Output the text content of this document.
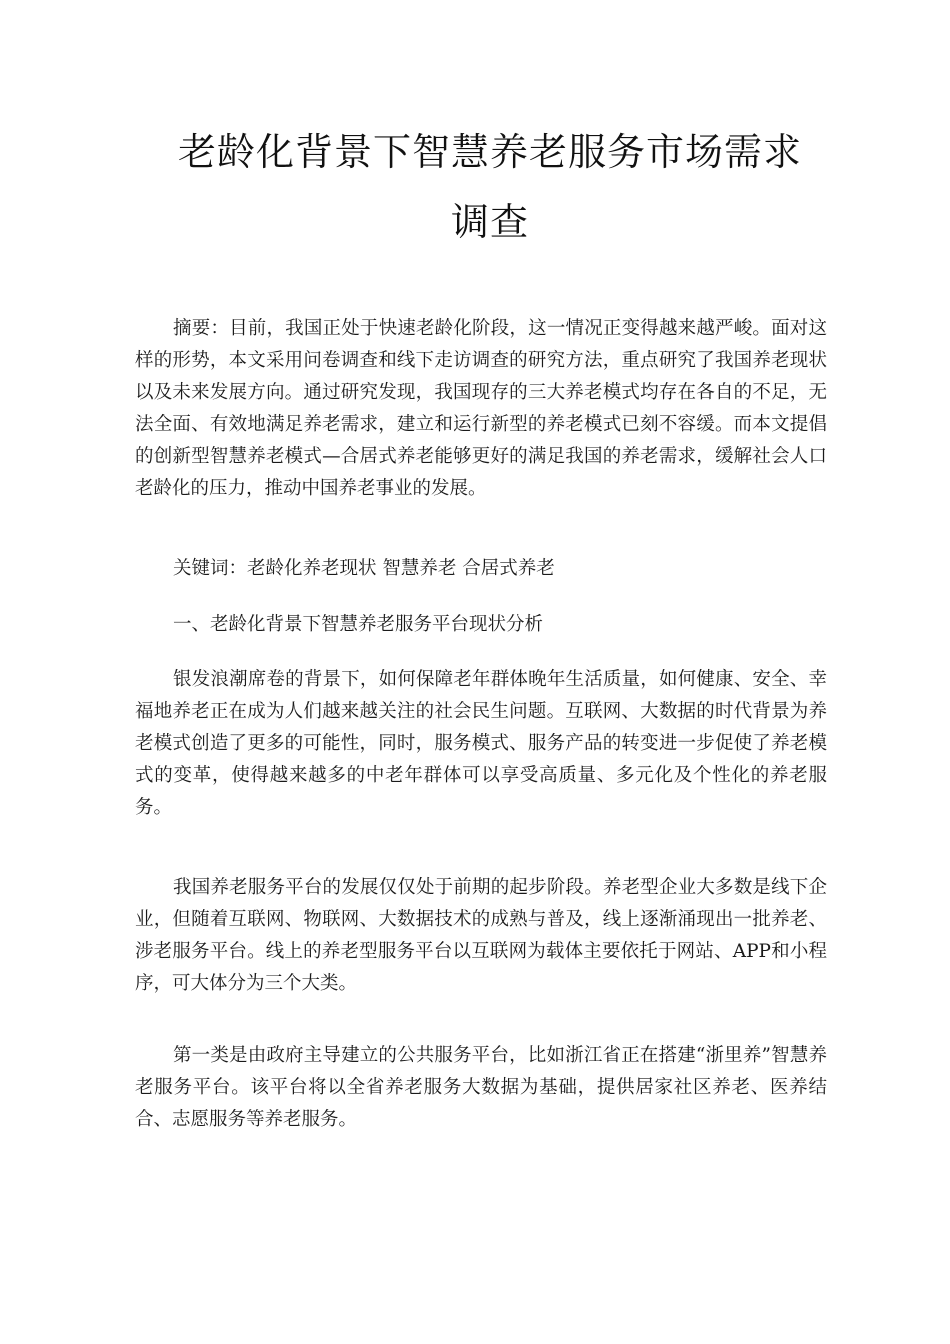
老龄化背景下智慧养老服务市场需求
调查

摘要：目前，我国正处于快速老龄化阶段，这一情况正变得越来越严峻。面对这样的形势，本文采用问卷调查和线下走访调查的研究方法，重点研究了我国养老现状以及未来发展方向。通过研究发现，我国现存的三大养老模式均存在各自的不足，无法全面、有效地满足养老需求，建立和运行新型的养老模式已刻不容缓。而本文提倡的创新型智慧养老模式—合居式养老能够更好的满足我国的养老需求，缓解社会人口老龄化的压力，推动中国养老事业的发展。

关键词：老龄化养老现状 智慧养老 合居式养老

一、老龄化背景下智慧养老服务平台现状分析

银发浪潮席卷的背景下，如何保障老年群体晚年生活质量，如何健康、安全、幸福地养老正在成为人们越来越关注的社会民生问题。互联网、大数据的时代背景为养老模式创造了更多的可能性，同时，服务模式、服务产品的转变进一步促使了养老模式的变革，使得越来越多的中老年群体可以享受高质量、多元化及个性化的养老服务。

我国养老服务平台的发展仅仅处于前期的起步阶段。养老型企业大多数是线下企业，但随着互联网、物联网、大数据技术的成熟与普及，线上逐渐涌现出一批养老、涉老服务平台。线上的养老型服务平台以互联网为载体主要依托于网站、APP和小程序，可大体分为三个大类。

第一类是由政府主导建立的公共服务平台，比如浙江省正在搭建“浙里养”智慧养老服务平台。该平台将以全省养老服务大数据为基础，提供居家社区养老、医养结合、志愿服务等养老服务。
